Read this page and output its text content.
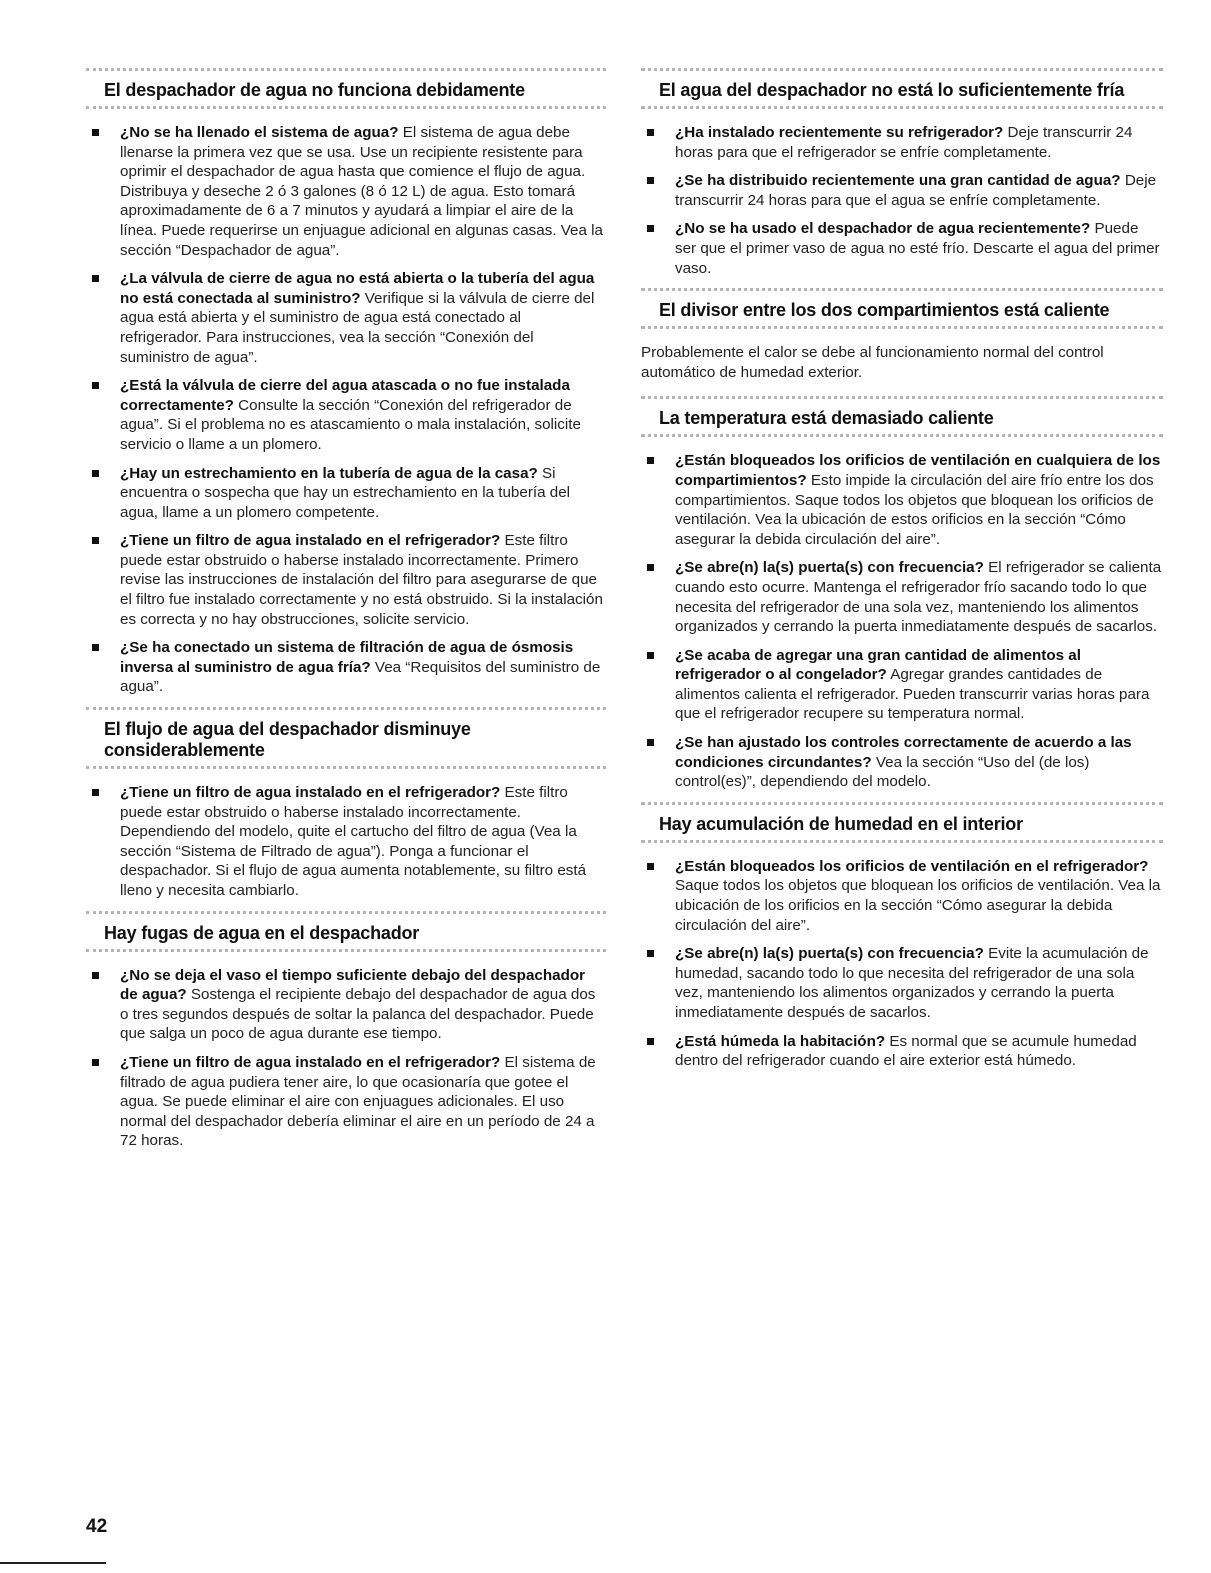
El despachador de agua no funciona debidamente
¿No se ha llenado el sistema de agua? El sistema de agua debe llenarse la primera vez que se usa. Use un recipiente resistente para oprimir el despachador de agua hasta que comience el flujo de agua. Distribuya y deseche 2 ó 3 galones (8 ó 12 L) de agua. Esto tomará aproximadamente de 6 a 7 minutos y ayudará a limpiar el aire de la línea. Puede requerirse un enjuague adicional en algunas casas. Vea la sección “Despachador de agua”.
¿La válvula de cierre de agua no está abierta o la tubería del agua no está conectada al suministro? Verifique si la válvula de cierre del agua está abierta y el suministro de agua está conectado al refrigerador. Para instrucciones, vea la sección “Conexión del suministro de agua”.
¿Está la válvula de cierre del agua atascada o no fue instalada correctamente? Consulte la sección “Conexión del refrigerador de agua”. Si el problema no es atascamiento o mala instalación, solicite servicio o llame a un plomero.
¿Hay un estrechamiento en la tubería de agua de la casa? Si encuentra o sospecha que hay un estrechamiento en la tubería del agua, llame a un plomero competente.
¿Tiene un filtro de agua instalado en el refrigerador? Este filtro puede estar obstruido o haberse instalado incorrectamente. Primero revise las instrucciones de instalación del filtro para asegurarse de que el filtro fue instalado correctamente y no está obstruido. Si la instalación es correcta y no hay obstrucciones, solicite servicio.
¿Se ha conectado un sistema de filtración de agua de ósmosis inversa al suministro de agua fría? Vea “Requisitos del suministro de agua”.
El flujo de agua del despachador disminuye considerablemente
¿Tiene un filtro de agua instalado en el refrigerador? Este filtro puede estar obstruido o haberse instalado incorrectamente. Dependiendo del modelo, quite el cartucho del filtro de agua (Vea la sección “Sistema de Filtrado de agua”). Ponga a funcionar el despachador. Si el flujo de agua aumenta notablemente, su filtro está lleno y necesita cambiarlo.
Hay fugas de agua en el despachador
¿No se deja el vaso el tiempo suficiente debajo del despachador de agua? Sostenga el recipiente debajo del despachador de agua dos o tres segundos después de soltar la palanca del despachador. Puede que salga un poco de agua durante ese tiempo.
¿Tiene un filtro de agua instalado en el refrigerador? El sistema de filtrado de agua pudiera tener aire, lo que ocasionaría que gotee el agua. Se puede eliminar el aire con enjuagues adicionales. El uso normal del despachador debería eliminar el aire en un período de 24 a 72 horas.
El agua del despachador no está lo suficientemente fría
¿Ha instalado recientemente su refrigerador? Deje transcurrir 24 horas para que el refrigerador se enfríe completamente.
¿Se ha distribuido recientemente una gran cantidad de agua? Deje transcurrir 24 horas para que el agua se enfríe completamente.
¿No se ha usado el despachador de agua recientemente? Puede ser que el primer vaso de agua no esté frío. Descarte el agua del primer vaso.
El divisor entre los dos compartimientos está caliente

Probablemente el calor se debe al funcionamiento normal del control automático de humedad exterior.

La temperatura está demasiado caliente
¿Están bloqueados los orificios de ventilación en cualquiera de los compartimientos? Esto impide la circulación del aire frío entre los dos compartimientos. Saque todos los objetos que bloquean los orificios de ventilación. Vea la ubicación de estos orificios en la sección “Cómo asegurar la debida circulación del aire”.
¿Se abre(n) la(s) puerta(s) con frecuencia? El refrigerador se calienta cuando esto ocurre. Mantenga el refrigerador frío sacando todo lo que necesita del refrigerador de una sola vez, manteniendo los alimentos organizados y cerrando la puerta inmediatamente después de sacarlos.
¿Se acaba de agregar una gran cantidad de alimentos al refrigerador o al congelador? Agregar grandes cantidades de alimentos calienta el refrigerador. Pueden transcurrir varias horas para que el refrigerador recupere su temperatura normal.
¿Se han ajustado los controles correctamente de acuerdo a las condiciones circundantes? Vea la sección “Uso del (de los) control(es)”, dependiendo del modelo.
Hay acumulación de humedad en el interior
¿Están bloqueados los orificios de ventilación en el refrigerador? Saque todos los objetos que bloquean los orificios de ventilación. Vea la ubicación de los orificios en la sección “Cómo asegurar la debida circulación del aire”.
¿Se abre(n) la(s) puerta(s) con frecuencia? Evite la acumulación de humedad, sacando todo lo que necesita del refrigerador de una sola vez, manteniendo los alimentos organizados y cerrando la puerta inmediatamente después de sacarlos.
¿Está húmeda la habitación? Es normal que se acumule humedad dentro del refrigerador cuando el aire exterior está húmedo.
42
